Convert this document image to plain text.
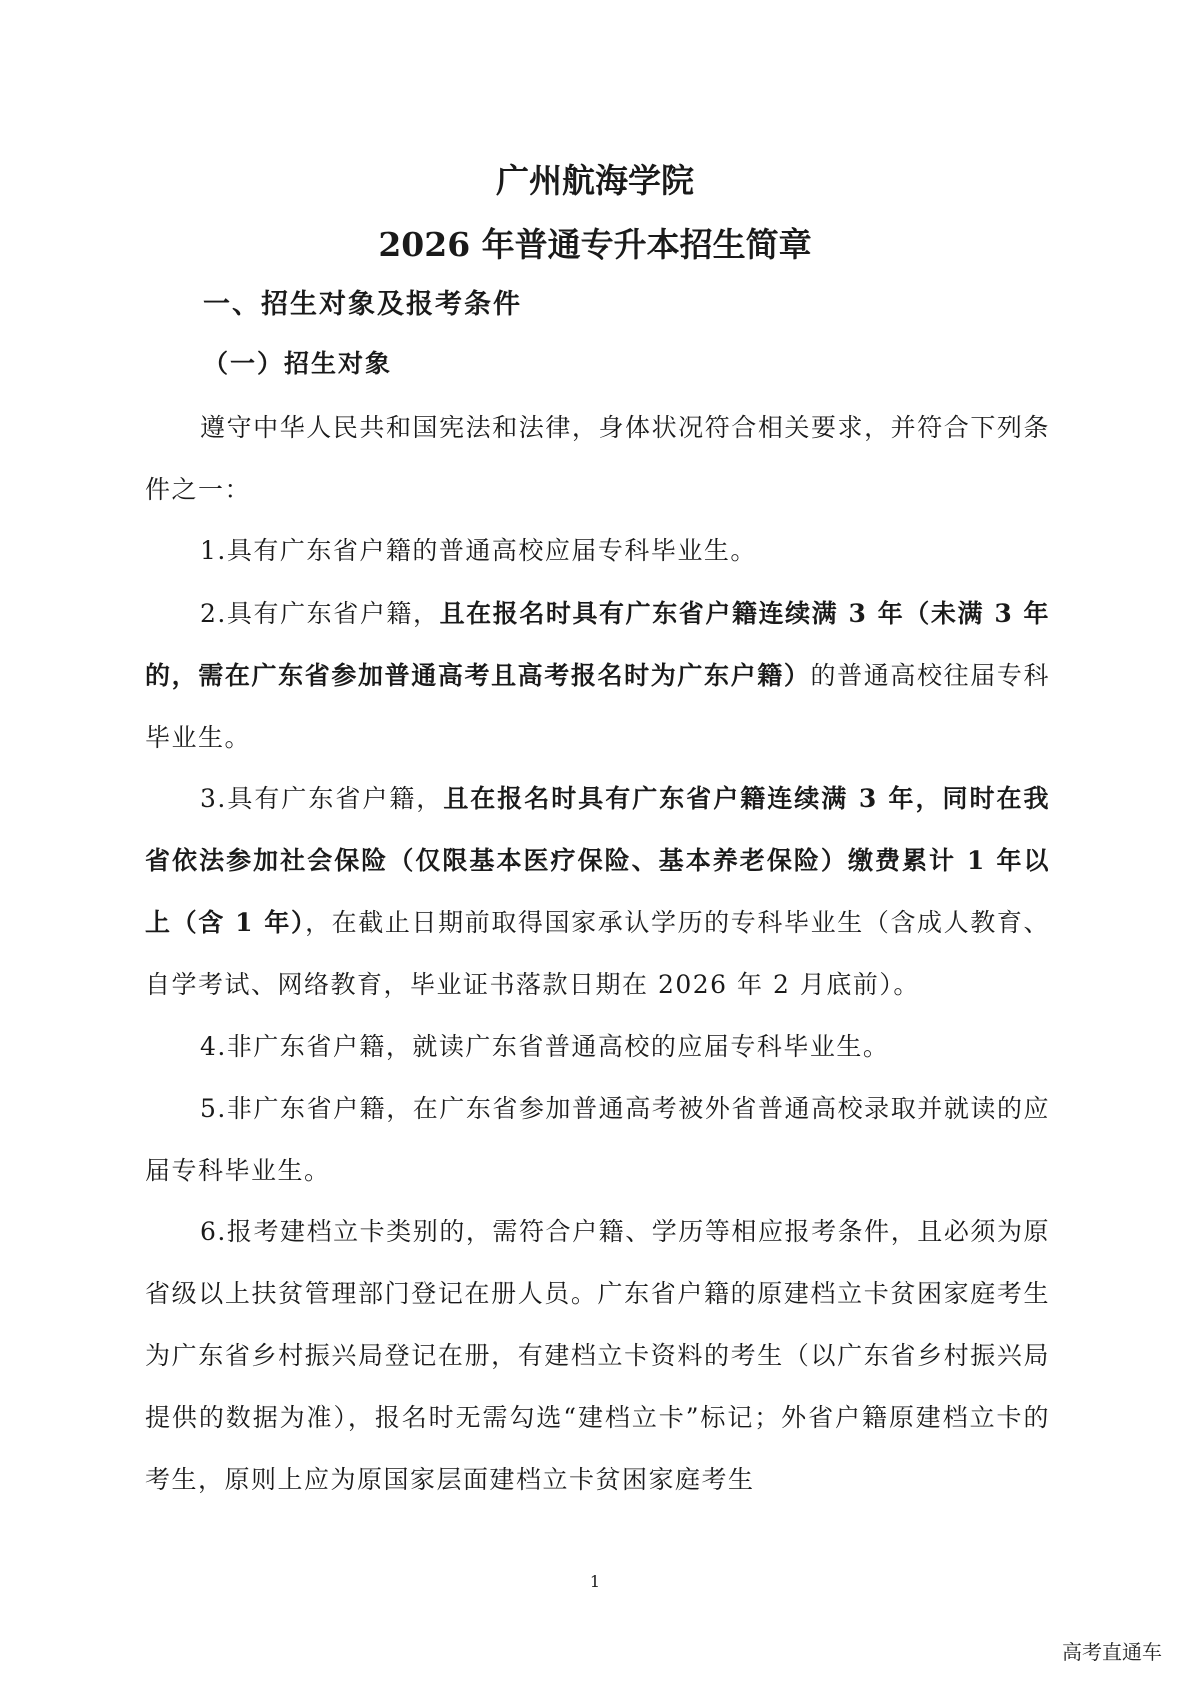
广州航海学院
2026 年普通专升本招生简章
一、招生对象及报考条件
（一）招生对象

遵守中华人民共和国宪法和法律，身体状况符合相关要求，并符合下列条件之一：

1.具有广东省户籍的普通高校应届专科毕业生。

2.具有广东省户籍，且在报名时具有广东省户籍连续满 3 年（未满 3 年的，需在广东省参加普通高考且高考报名时为广东户籍）的普通高校往届专科毕业生。

3.具有广东省户籍，且在报名时具有广东省户籍连续满 3 年，同时在我省依法参加社会保险（仅限基本医疗保险、基本养老保险）缴费累计 1 年以上（含 1 年），在截止日期前取得国家承认学历的专科毕业生（含成人教育、自学考试、网络教育，毕业证书落款日期在 2026 年 2 月底前）。

4.非广东省户籍，就读广东省普通高校的应届专科毕业生。

5.非广东省户籍，在广东省参加普通高考被外省普通高校录取并就读的应届专科毕业生。

6.报考建档立卡类别的，需符合户籍、学历等相应报考条件，且必须为原省级以上扶贫管理部门登记在册人员。广东省户籍的原建档立卡贫困家庭考生为广东省乡村振兴局登记在册，有建档立卡资料的考生（以广东省乡村振兴局提供的数据为准），报名时无需勾选“建档立卡”标记；外省户籍原建档立卡的考生，原则上应为原国家层面建档立卡贫困家庭考生

1
高考直通车
